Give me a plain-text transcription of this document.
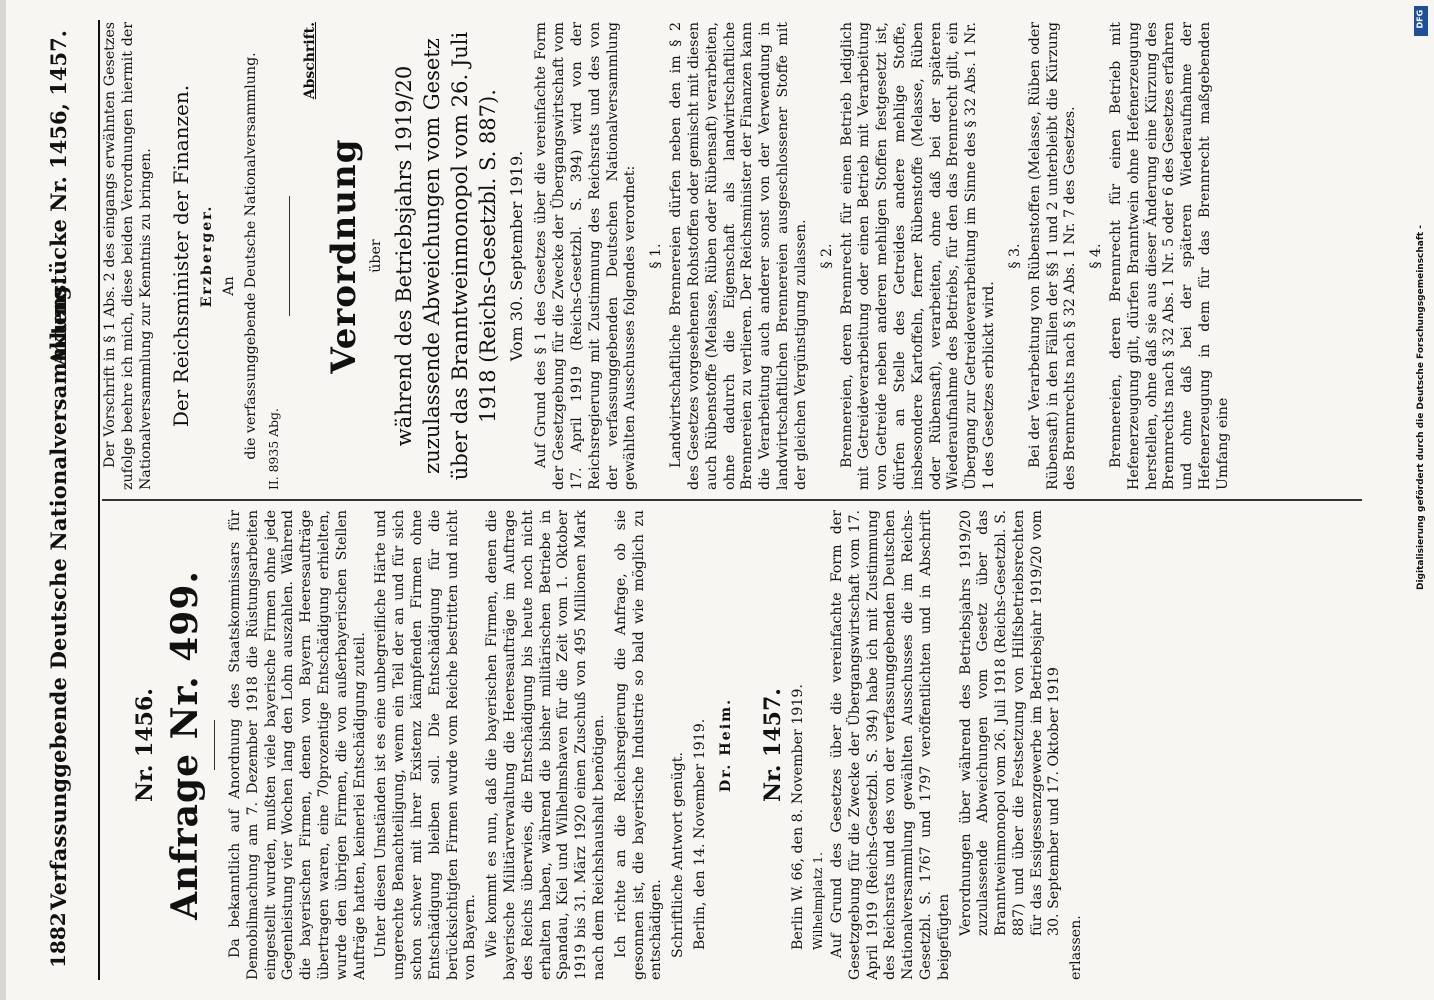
1882
Verfassunggebende Deutsche Nationalversammlung.
Aktenstücke Nr. 1456, 1457.
Nr. 1456. Anfrage Nr. 499. Da bekanntlich auf Anordnung des Staatskommissars für Demobilmachung am 7. Dezember 1918 die Rüstungsarbeiten eingestellt wurden, mußten viele bayerische Firmen ohne jede Gegenleistung vier Wochen lang den Lohn auszahlen. Während die bayerischen Firmen, denen von Bayern Heeresaufträge übertragen waren, eine 70prozentige Entschädigung erhielten, wurde den übrigen Firmen, die von außerbayerischen Stellen Aufträge hatten, keinerlei Entschädigung zuteil. Unter diesen Umständen ist es eine unbegreifliche Härte und ungerechte Benachteiligung, wenn ein Teil der an und für sich schon schwer mit ihrer Existenz kämpfenden Firmen ohne Entschädigung bleiben soll. Die Entschädigung für die berücksichtigten Firmen wurde vom Reiche bestritten und nicht von Bayern. Wie kommt es nun, daß die bayerischen Firmen, denen die bayerische Militärverwaltung die Heeresaufträge im Auftrage des Reichs überwies, die Entschädigung bis heute noch nicht erhalten haben, während die bisher militärischen Betriebe in Spandau, Kiel und Wilhelmshaven für die Zeit vom 1. Oktober 1919 bis 31. März 1920 einen Zuschuß von 495 Millionen Mark nach dem Reichshaushalt benötigen. Ich richte an die Reichsregierung die Anfrage, ob sie gesonnen ist, die bayerische Industrie so bald wie möglich zu entschädigen. Schriftliche Antwort genügt. Berlin, den 14. November 1919. Dr. Heim. Nr. 1457. Berlin W. 66, den 8. November 1919. Wilhelmplatz 1. Auf Grund des Gesetzes über die vereinfachte Form der Gesetzgebung für die Zwecke der Übergangswirtschaft vom 17. April 1919 (Reichs-Gesetzbl. S. 394) habe ich mit Zustimmung des Reichsrats und des von der verfassunggebenden Deutschen Nationalversammlung gewählten Ausschusses die im Reichs-Gesetzbl. S. 1767 und 1797 veröffentlichten und in Abschrift beigefügten

Verordnungen über während des Betriebsjahrs 1919/20 zuzulassende Abweichungen vom Gesetz über das Branntweinmonopol vom 26. Juli 1918 (Reichs-Gesetzbl. S. 887) und über die Festsetzung von Hilfsbetriebsrechten für das Essigessenzgewerbe im Betriebsjahr 1919/20 vom 30. September und 17. Oktober 1919

erlassen.

Der Vorschrift in § 1 Abs. 2 des eingangs erwähnten Gesetzes zufolge beehre ich mich, diese beiden Verordnungen hiermit der Nationalversammlung zur Kenntnis zu bringen. Der Reichsminister der Finanzen. Erzberger. An die verfassunggebende Deutsche Nationalversammlung. II. 8935 Abg.

Abschrift.
Verordnung über während des Betriebsjahrs 1919/20 zuzulassende Abweichungen vom Gesetz über das Branntweinmonopol vom 26. Juli 1918 (Reichs-Gesetzbl. S. 887). Vom 30. September 1919. Auf Grund des § 1 des Gesetzes über die vereinfachte Form der Gesetzgebung für die Zwecke der Übergangswirtschaft vom 17. April 1919 (Reichs-Gesetzbl. S. 394) wird von der Reichsregierung mit Zustimmung des Reichsrats und des von der verfassunggebenden Deutschen Nationalversammlung gewählten Ausschusses folgendes verordnet: § 1. Landwirtschaftliche Brennereien dürfen neben den im § 2 des Gesetzes vorgesehenen Rohstoffen oder gemischt mit diesen auch Rübenstoffe (Melasse, Rüben oder Rübensaft) verarbeiten, ohne dadurch die Eigenschaft als landwirtschaftliche Brennereien zu verlieren. Der Reichsminister der Finanzen kann die Verarbeitung auch anderer sonst von der Verwendung in landwirtschaftlichen Brennereien ausgeschlossener Stoffe mit der gleichen Vergünstigung zulassen. § 2. Brennereien, deren Brennrecht für einen Betrieb lediglich mit Getreideverarbeitung oder einen Betrieb mit Verarbeitung von Getreide neben anderen mehligen Stoffen festgesetzt ist, dürfen an Stelle des Getreides andere mehlige Stoffe, insbesondere Kartoffeln, ferner Rübenstoffe (Melasse, Rüben oder Rübensaft), verarbeiten, ohne daß bei der späteren Wiederaufnahme des Betriebs, für den das Brennrecht gilt, ein Übergang zur Getreideverarbeitung im Sinne des § 32 Abs. 1 Nr. 1 des Gesetzes erblickt wird.

§ 3. Bei der Verarbeitung von Rübenstoffen (Melasse, Rüben oder Rübensaft) in den Fällen der §§ 1 und 2 unterbleibt die Kürzung des Brennrechts nach § 32 Abs. 1 Nr. 7 des Gesetzes. § 4. Brennereien, deren Brennrecht für einen Betrieb mit Hefenerzeugung gilt, dürfen Branntwein ohne Hefenerzeugung herstellen, ohne daß sie aus dieser Änderung eine Kürzung des Brennrechts nach § 32 Abs. 1 Nr. 5 oder 6 des Gesetzes erfahren und ohne daß bei der späteren Wiederaufnahme der Hefenerzeugung in dem für das Brennrecht maßgebenden Umfang eine	Digitalisierung gefördert durch die Deutsche Forschungsgemeinschaft -
DFG
